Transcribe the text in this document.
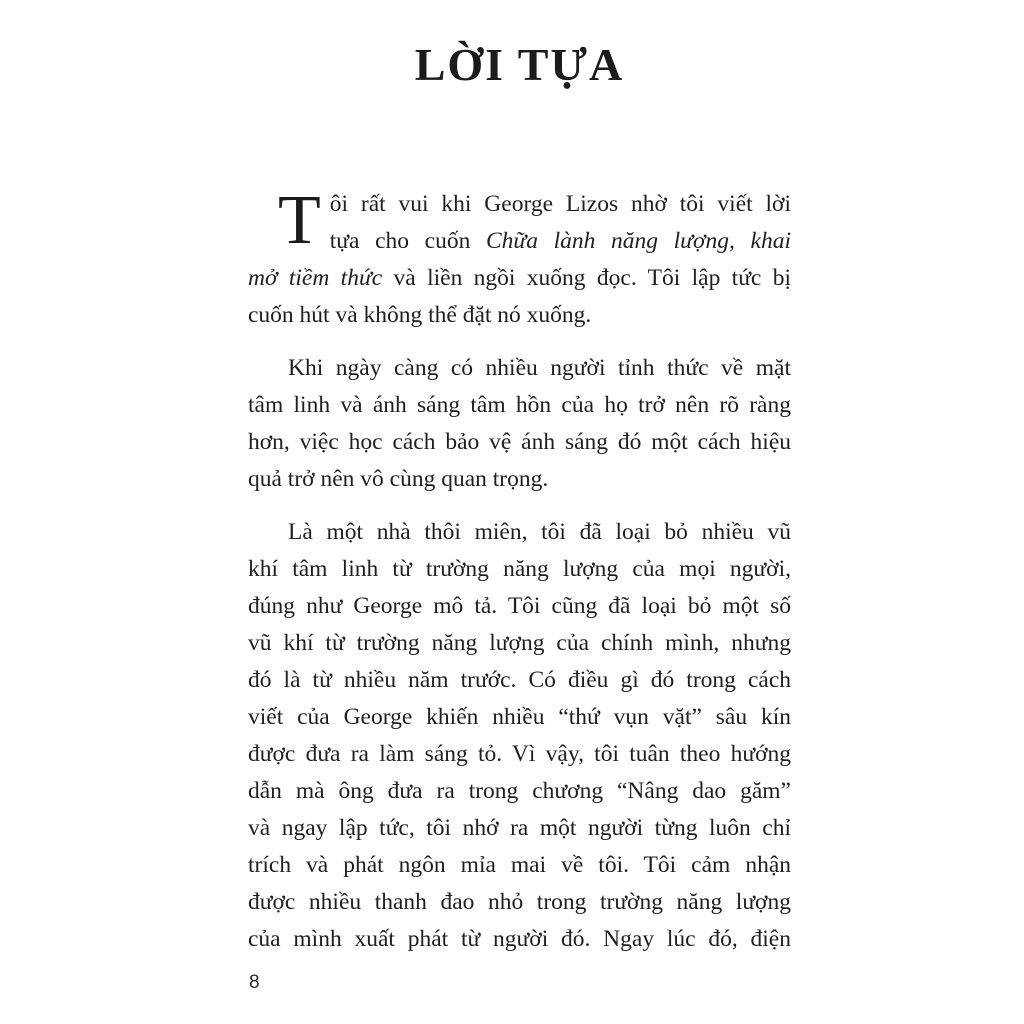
LỜI TỰA
T ôi rất vui khi George Lizos nhờ tôi viết lời
tựa cho cuốn Chữa lành năng lượng, khai
mở tiềm thức và liền ngồi xuống đọc. Tôi lập tức bị
cuốn hút và không thể đặt nó xuống.
Khi ngày càng có nhiều người tỉnh thức về mặt
tâm linh và ánh sáng tâm hồn của họ trở nên rõ ràng
hơn, việc học cách bảo vệ ánh sáng đó một cách hiệu
quả trở nên vô cùng quan trọng.
Là một nhà thôi miên, tôi đã loại bỏ nhiều vũ
khí tâm linh từ trường năng lượng của mọi người,
đúng như George mô tả. Tôi cũng đã loại bỏ một số
vũ khí từ trường năng lượng của chính mình, nhưng
đó là từ nhiều năm trước. Có điều gì đó trong cách
viết của George khiến nhiều “thứ vụn vặt” sâu kín
được đưa ra làm sáng tỏ. Vì vậy, tôi tuân theo hướng
dẫn mà ông đưa ra trong chương “Nâng dao găm”
và ngay lập tức, tôi nhớ ra một người từng luôn chỉ
trích và phát ngôn mỉa mai về tôi. Tôi cảm nhận
được nhiều thanh đao nhỏ trong trường năng lượng
của mình xuất phát từ người đó. Ngay lúc đó, điện
8
